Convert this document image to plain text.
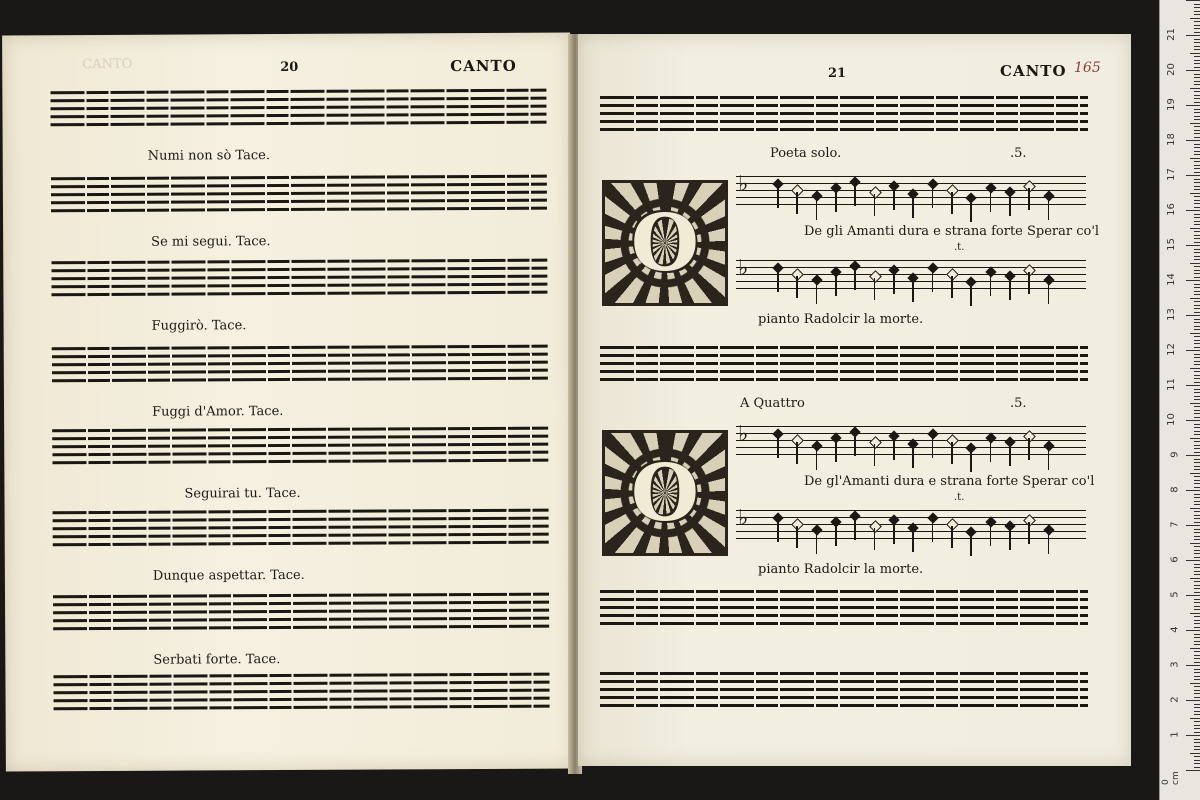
CANTO	20	CANTO
Numi non sò Tace.
Se mi segui. Tace.
Fuggirò. Tace.
Fuggi d'Amor. Tace.
Seguirai tu. Tace.
Dunque aspettar. Tace.
Serbati forte. Tace.
21	CANTO 165
Poeta solo.	.5.
O
♭
De gli Amanti dura e strana forte Sperar co'l
.t.
♭
pianto Radolcir la morte.
A Quattro	.5.
O
♭
De gl'Amanti dura e strana forte Sperar co'l
.t.
♭
pianto Radolcir la morte.
0 cm
21
20
19
18
17
16
15
14
13
12
11
10
9
8
7
6
5
4
3
2
1
